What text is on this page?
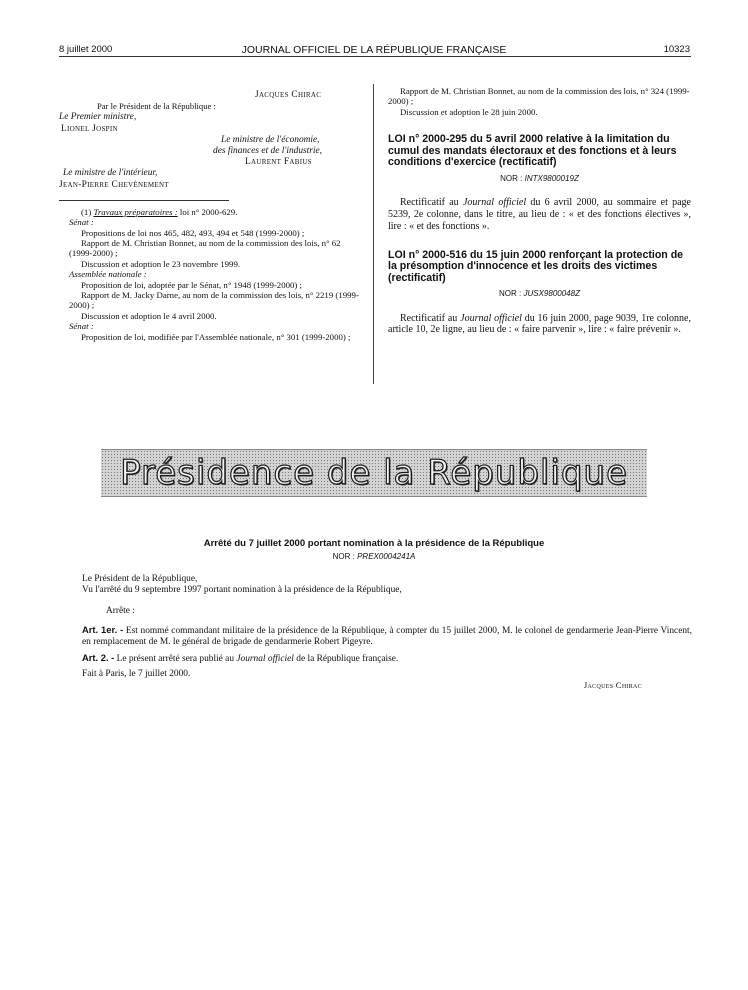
8 juillet 2000	JOURNAL OFFICIEL DE LA RÉPUBLIQUE FRANÇAISE	10323
Jacques Chirac
Par le Président de la République :
Le Premier ministre,
Lionel Jospin
Le ministre de l'économie,
des finances et de l'industrie,
Laurent Fabius
Le ministre de l'intérieur,
Jean-Pierre Chevènement

(1) Travaux préparatoires : loi n° 2000-629.

Sénat :

Propositions de loi nos 465, 482, 493, 494 et 548 (1999-2000) ;

Rapport de M. Christian Bonnet, au nom de la commission des lois, n° 62 (1999-2000) ;

Discussion et adoption le 23 novembre 1999.

Assemblée nationale :

Proposition de loi, adoptée par le Sénat, n° 1948 (1999-2000) ;

Rapport de M. Jacky Darne, au nom de la commission des lois, n° 2219 (1999-2000) ;

Discussion et adoption le 4 avril 2000.

Sénat :

Proposition de loi, modifiée par l'Assemblée nationale, n° 301 (1999-2000) ;

Rapport de M. Christian Bonnet, au nom de la commission des lois, n° 324 (1999-2000) ;

Discussion et adoption le 28 juin 2000.

LOI n° 2000-295 du 5 avril 2000 relative à la limitation du cumul des mandats électoraux et des fonctions et à leurs conditions d'exercice (rectificatif)
NOR : INTX9800019Z

Rectificatif au Journal officiel du 6 avril 2000, au sommaire et page 5239, 2e colonne, dans le titre, au lieu de : « et des fonctions électives », lire : « et des fonctions ».

LOI n° 2000-516 du 15 juin 2000 renforçant la protection de la présomption d'innocence et les droits des victimes (rectificatif)
NOR : JUSX9800048Z

Rectificatif au Journal officiel du 16 juin 2000, page 9039, 1re colonne, article 10, 2e ligne, au lieu de : « faire parvenir », lire : « faire prévenir ».

Présidence de la République
Arrêté du 7 juillet 2000 portant nomination à la présidence de la République
NOR : PREX0004241A

Le Président de la République,

Vu l'arrêté du 9 septembre 1997 portant nomination à la présidence de la République,

Arrête :

Art. 1er. - Est nommé commandant militaire de la présidence de la République, à compter du 15 juillet 2000, M. le colonel de gendarmerie Jean-Pierre Vincent, en remplacement de M. le général de brigade de gendarmerie Robert Pigeyre.

Art. 2. - Le présent arrêté sera publié au Journal officiel de la République française.

Fait à Paris, le 7 juillet 2000.

Jacques Chirac
